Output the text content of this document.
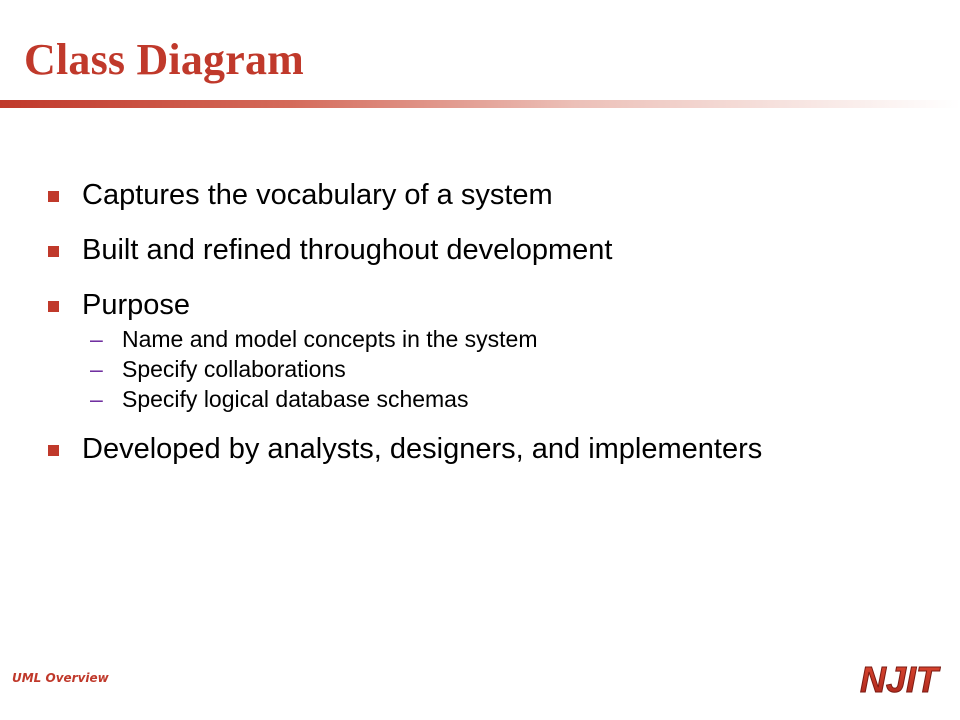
Class Diagram
Captures the vocabulary of a system
Built and refined throughout development
Purpose
– Name and model concepts in the system
– Specify collaborations
– Specify logical database schemas
Developed by analysts, designers, and implementers
UML Overview	NJIT
